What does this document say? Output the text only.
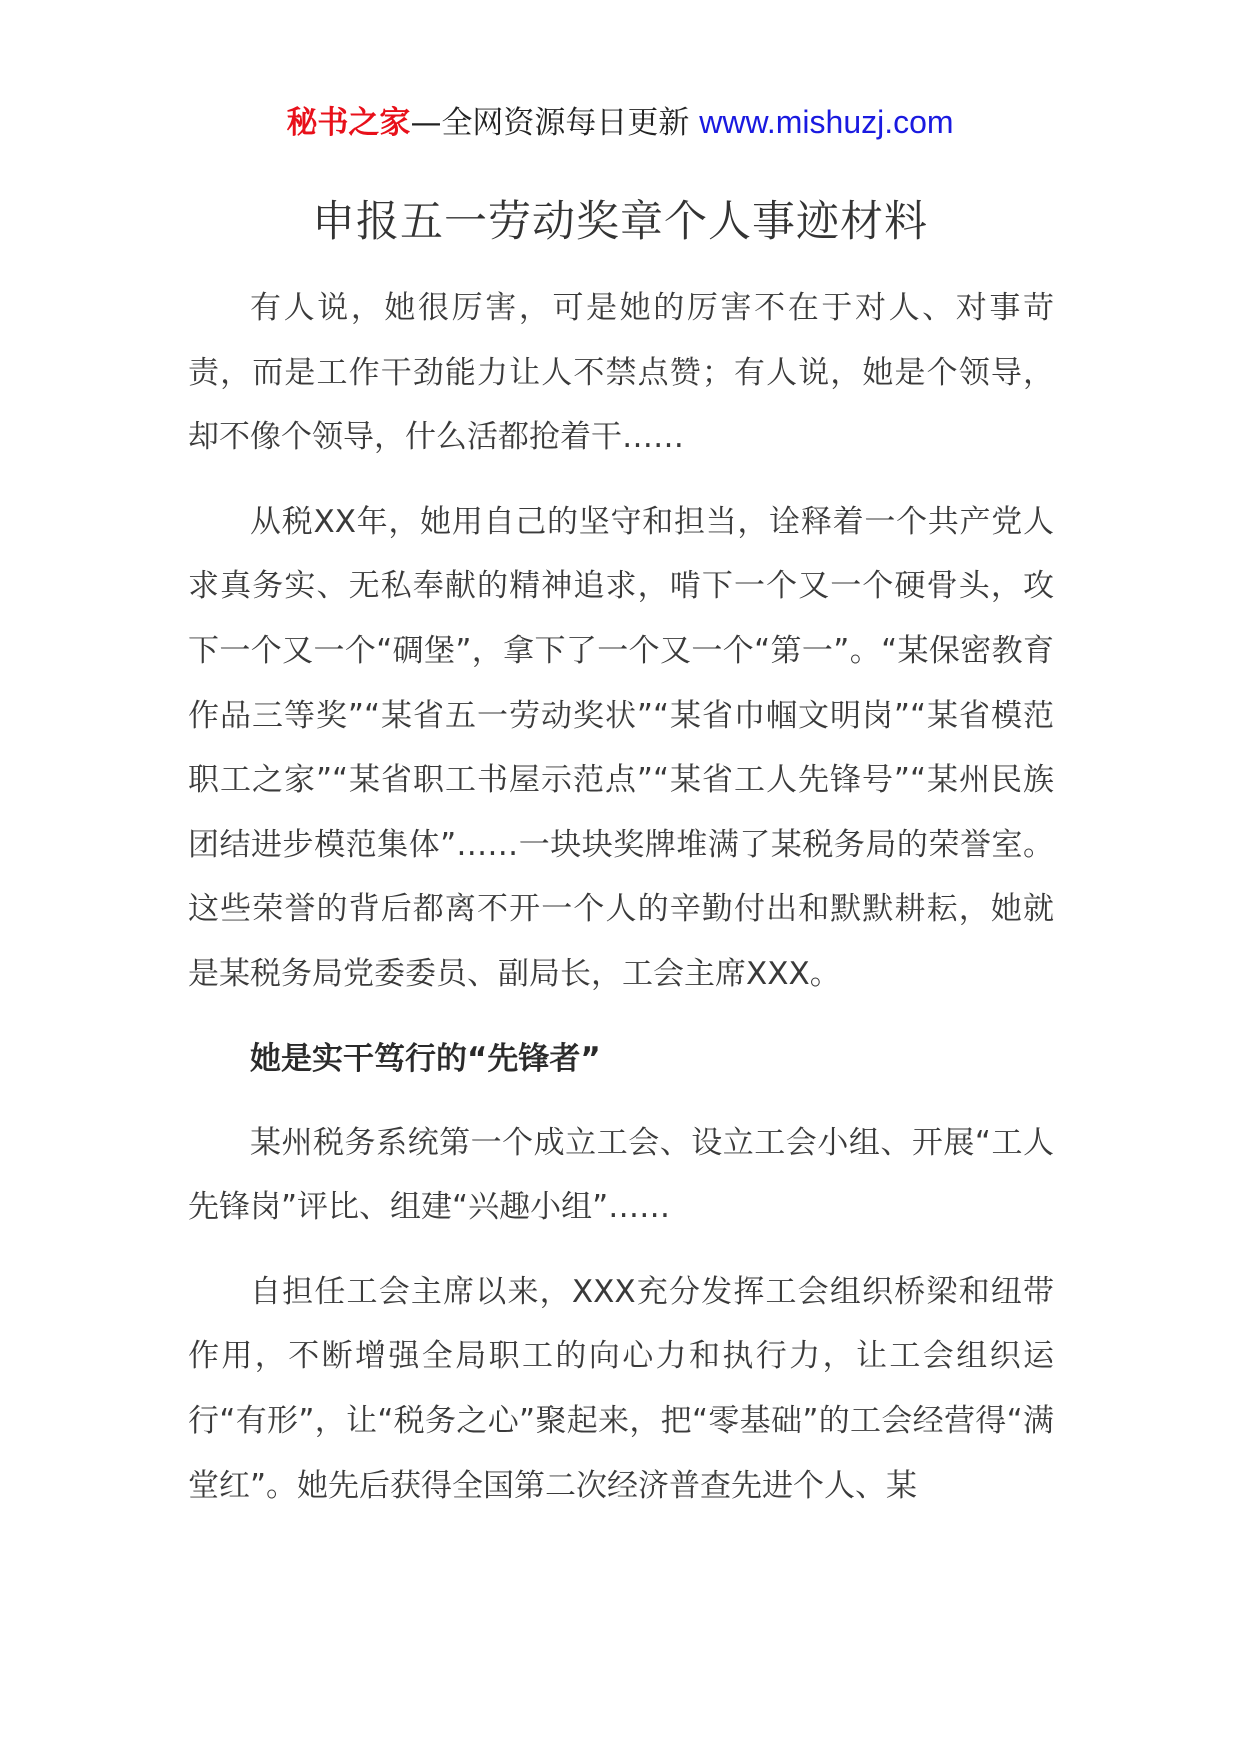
秘书之家—全网资源每日更新 www.mishuzj.com
申报五一劳动奖章个人事迹材料

有人说，她很厉害，可是她的厉害不在于对人、对事苛责，而是工作干劲能力让人不禁点赞；有人说，她是个领导，却不像个领导，什么活都抢着干……

从税XX年，她用自己的坚守和担当，诠释着一个共产党人求真务实、无私奉献的精神追求，啃下一个又一个硬骨头，攻下一个又一个“碉堡”，拿下了一个又一个“第一”。“某保密教育作品三等奖”“某省五一劳动奖状”“某省巾帼文明岗”“某省模范职工之家”“某省职工书屋示范点”“某省工人先锋号”“某州民族团结进步模范集体”……一块块奖牌堆满了某税务局的荣誉室。这些荣誉的背后都离不开一个人的辛勤付出和默默耕耘，她就是某税务局党委委员、副局长，工会主席XXX。

她是实干笃行的“先锋者”

某州税务系统第一个成立工会、设立工会小组、开展“工人先锋岗”评比、组建“兴趣小组”……

自担任工会主席以来，XXX充分发挥工会组织桥梁和纽带作用，不断增强全局职工的向心力和执行力，让工会组织运行“有形”，让“税务之心”聚起来，把“零基础”的工会经营得“满堂红”。她先后获得全国第二次经济普查先进个人、某
